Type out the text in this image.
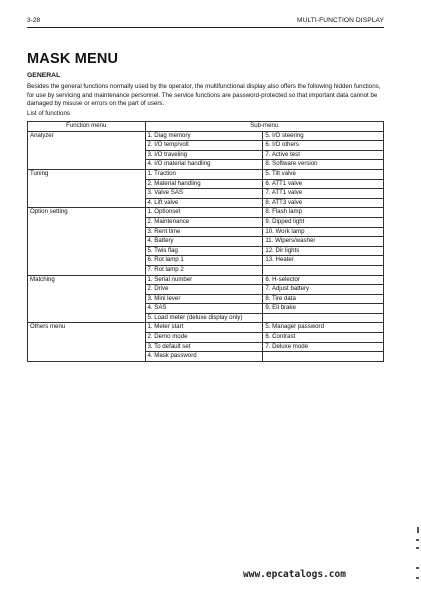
3-28	MULTI-FUNCTION DISPLAY
MASK MENU
GENERAL
Besides the general functions normally used by the operator, the multifunctional display also offers the following hidden functions, for use by servicing and maintenance personnel. The service functions are password-protected so that important data cannot be damaged by misuse or errors on the part of users.
List of functions
Function menu	Sub-menu	
Analyzer	1. Diag memory	5. I/O steering
	2. I/O temp/volt	6. I/O others
	3. I/O traveling	7. Active test
	4. I/O material handling	8. Software version
Tuning	1. Traction	5. Tilt valve
	2. Material handling	6. ATT1 valve
	3. Valve SAS	7. ATT1 valve
	4. Lift valve	8. ATT3 valve
Option setting	1. Optionset	8. Flash lamp
	2. Maintenance	9. Dipped light
	3. Rent time	10. Work lamp
	4. Battery	11. Wipers/washer
	5. Twis flag	12. Dir lights
	6. Rot lamp 1	13. Heater
	7. Rot lamp 2	
Matching	1. Serial number	6. H-selector
	2. Drive	7. Adjust battery
	3. Mini lever	8. Tire data
	4. SAS	9. Ell brake
	5. Load meter (deluxe display only)	
Others menu	1. Meter start	5. Manager password
	2. Demo mode	6. Contrast
	3. To default set	7. Deluxe mode
	4. Mask password	
www.epcatalogs.com
